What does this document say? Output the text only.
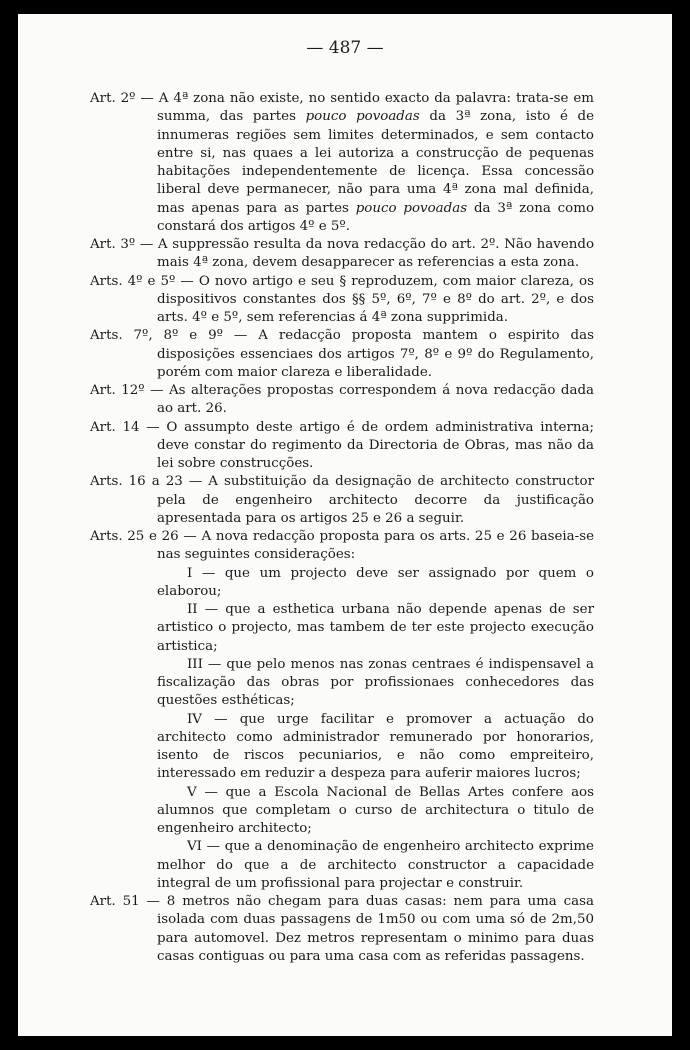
— 487 —

Art. 2º — A 4ª zona não existe, no sentido exacto da palavra: trata-se em summa, das partes pouco povoadas da 3ª zona, isto é de innumeras regiões sem limites determinados, e sem contacto entre si, nas quaes a lei autoriza a construcção de pequenas habitações independentemente de licença. Essa concessão liberal deve permanecer, não para uma 4ª zona mal definida, mas apenas para as partes pouco povoadas da 3ª zona como constará dos artigos 4º e 5º.

Art. 3º — A suppressão resulta da nova redacção do art. 2º. Não havendo mais 4ª zona, devem desapparecer as referencias a esta zona.

Arts. 4º e 5º — O novo artigo e seu § reproduzem, com maior clareza, os dispositivos constantes dos §§ 5º, 6º, 7º e 8º do art. 2º, e dos arts. 4º e 5º, sem referencias á 4ª zona supprimida.

Arts. 7º, 8º e 9º — A redacção proposta mantem o espirito das disposições essenciaes dos artigos 7º, 8º e 9º do Regulamento, porém com maior clareza e liberalidade.

Art. 12º — As alterações propostas correspondem á nova redacção dada ao art. 26.

Art. 14 — O assumpto deste artigo é de ordem administrativa interna; deve constar do regimento da Directoria de Obras, mas não da lei sobre construcções.

Arts. 16 a 23 — A substituição da designação de architecto constructor pela de engenheiro architecto decorre da justificação apresentada para os artigos 25 e 26 a seguir.

Arts. 25 e 26 — A nova redacção proposta para os arts. 25 e 26 baseia-se nas seguintes considerações:

I — que um projecto deve ser assignado por quem o elaborou;
II — que a esthetica urbana não depende apenas de ser artistico o projecto, mas tambem de ter este projecto execução artistica;
III — que pelo menos nas zonas centraes é indispensavel a fiscalização das obras por profissionaes conhecedores das questões esthéticas;
IV — que urge facilitar e promover a actuação do architecto como administrador remunerado por honorarios, isento de riscos pecuniarios, e não como empreiteiro, interessado em reduzir a despeza para auferir maiores lucros;
V — que a Escola Nacional de Bellas Artes confere aos alumnos que completam o curso de architectura o titulo de engenheiro architecto;
VI — que a denominação de engenheiro architecto exprime melhor do que a de architecto constructor a capacidade integral de um profissional para projectar e construir.

Art. 51 — 8 metros não chegam para duas casas: nem para uma casa isolada com duas passagens de 1m50 ou com uma só de 2m,50 para automovel. Dez metros representam o minimo para duas casas contiguas ou para uma casa com as referidas passagens.
